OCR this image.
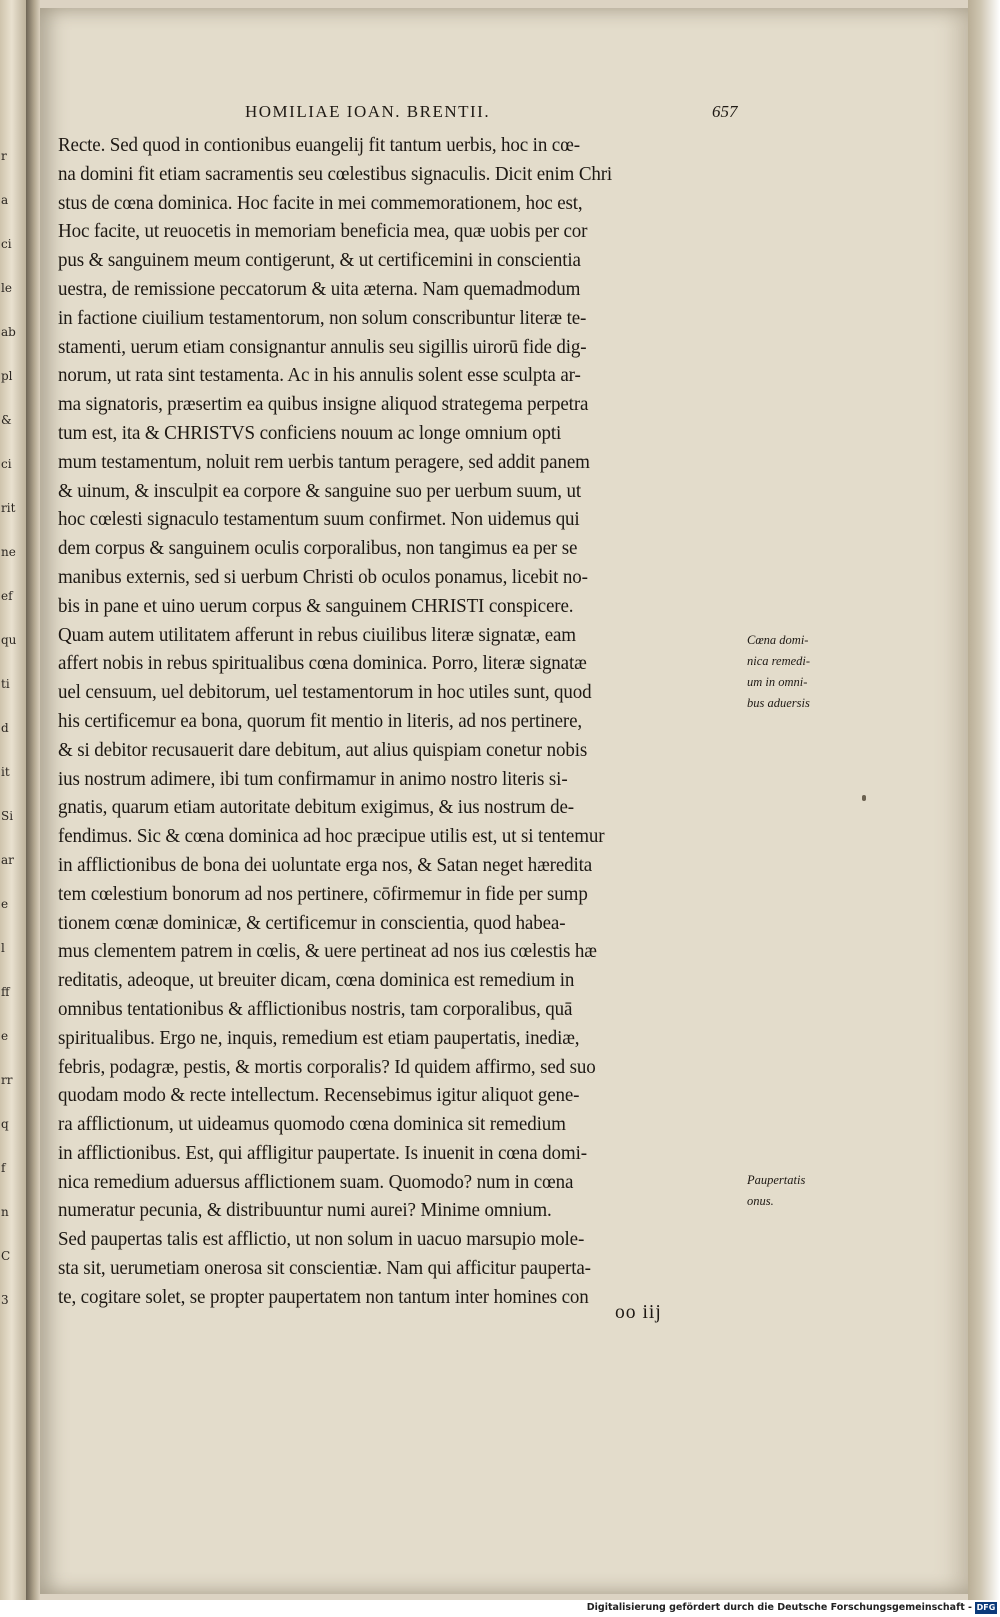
r
a
ci
le
ab
pl
&
ci
rit
ne
ef
qu
ti
d
it
Si
ar
e
l
ff
e
rr
q
f
n
C
3
HOMILIAE IOAN. BRENTII.	657
Recte. Sed quod in contionibus euangelij fit tantum uerbis, hoc in cœ-
na domini fit etiam sacramentis seu cœlestibus signaculis. Dicit enim Chri
stus de cœna dominica. Hoc facite in mei commemorationem, hoc est,
Hoc facite, ut reuocetis in memoriam beneficia mea, quæ uobis per cor
pus & sanguinem meum contigerunt, & ut certificemini in conscientia
uestra, de remissione peccatorum & uita æterna. Nam quemadmodum
in factione ciuilium testamentorum, non solum conscribuntur literæ te-
stamenti, uerum etiam consignantur annulis seu sigillis uirorū fide dig-
norum, ut rata sint testamenta. Ac in his annulis solent esse sculpta ar-
ma signatoris, præsertim ea quibus insigne aliquod strategema perpetra
tum est, ita & CHRISTVS conficiens nouum ac longe omnium opti
mum testamentum, noluit rem uerbis tantum peragere, sed addit panem
& uinum, & insculpit ea corpore & sanguine suo per uerbum suum, ut
hoc cœlesti signaculo testamentum suum confirmet. Non uidemus qui
dem corpus & sanguinem oculis corporalibus, non tangimus ea per se
manibus externis, sed si uerbum Christi ob oculos ponamus, licebit no-
bis in pane et uino uerum corpus & sanguinem CHRISTI conspicere.
Quam autem utilitatem afferunt in rebus ciuilibus literæ signatæ, eam
affert nobis in rebus spiritualibus cœna dominica. Porro, literæ signatæ
uel censuum, uel debitorum, uel testamentorum in hoc utiles sunt, quod
his certificemur ea bona, quorum fit mentio in literis, ad nos pertinere,
& si debitor recusauerit dare debitum, aut alius quispiam conetur nobis
ius nostrum adimere, ibi tum confirmamur in animo nostro literis si-
gnatis, quarum etiam autoritate debitum exigimus, & ius nostrum de-
fendimus. Sic & cœna dominica ad hoc præcipue utilis est, ut si tentemur
in afflictionibus de bona dei uoluntate erga nos, & Satan neget hæredita
tem cœlestium bonorum ad nos pertinere, cōfirmemur in fide per sump
tionem cœnæ dominicæ, & certificemur in conscientia, quod habea-
mus clementem patrem in cœlis, & uere pertineat ad nos ius cœlestis hæ
reditatis, adeoque, ut breuiter dicam, cœna dominica est remedium in
omnibus tentationibus & afflictionibus nostris, tam corporalibus, quā
spiritualibus. Ergo ne, inquis, remedium est etiam paupertatis, inediæ,
febris, podagræ, pestis, & mortis corporalis? Id quidem affirmo, sed suo
quodam modo & recte intellectum. Recensebimus igitur aliquot gene-
ra afflictionum, ut uideamus quomodo cœna dominica sit remedium
in afflictionibus. Est, qui affligitur paupertate. Is inuenit in cœna domi-
nica remedium aduersus afflictionem suam. Quomodo? num in cœna
numeratur pecunia, & distribuuntur numi aurei? Minime omnium.
Sed paupertas talis est afflictio, ut non solum in uacuo marsupio mole-
sta sit, uerumetiam onerosa sit conscientiæ. Nam qui afficitur pauperta-
te, cogitare solet, se propter paupertatem non tantum inter homines con
Cœna domi-
nica remedi-
um in omni-
bus aduersis
Paupertatis
onus.
oo iij
Digitalisierung gefördert durch die Deutsche Forschungsgemeinschaft - DFG
